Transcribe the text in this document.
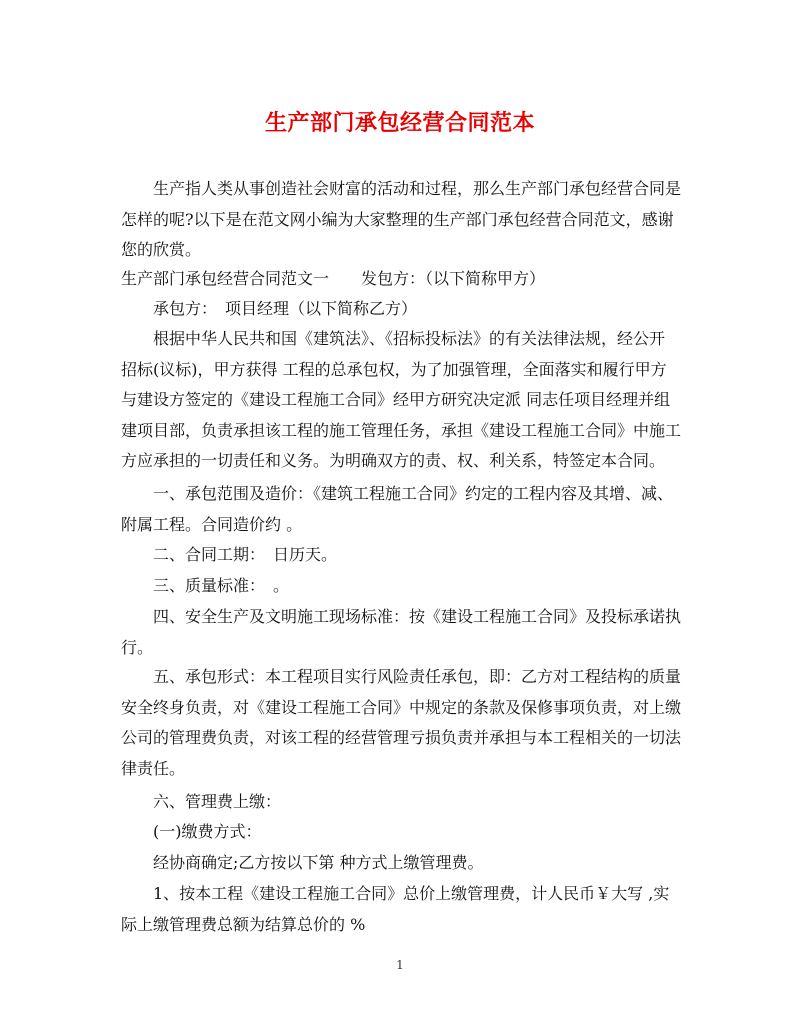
生产部门承包经营合同范本
生产指人类从事创造社会财富的活动和过程，那么生产部门承包经营合同是
怎样的呢?以下是在范文网小编为大家整理的生产部门承包经营合同范文，感谢
您的欣赏。
生产部门承包经营合同范文一　　发包方：（以下简称甲方）
承包方：　项目经理（以下简称乙方）
根据中华人民共和国《建筑法》、《招标投标法》的有关法律法规，经公开
招标(议标)，甲方获得 工程的总承包权，为了加强管理，全面落实和履行甲方
与建设方签定的《建设工程施工合同》经甲方研究决定派 同志任项目经理并组
建项目部，负责承担该工程的施工管理任务，承担《建设工程施工合同》中施工
方应承担的一切责任和义务。为明确双方的责、权、利关系，特签定本合同。
一、承包范围及造价：《建筑工程施工合同》约定的工程内容及其增、减、
附属工程。合同造价约 。
二、合同工期：　日历天。
三、质量标准：　。
四、安全生产及文明施工现场标准：按《建设工程施工合同》及投标承诺执
行。
五、承包形式：本工程项目实行风险责任承包，即：乙方对工程结构的质量
安全终身负责，对《建设工程施工合同》中规定的条款及保修事项负责，对上缴
公司的管理费负责，对该工程的经营管理亏损负责并承担与本工程相关的一切法
律责任。
六、管理费上缴：
(一)缴费方式：
经协商确定;乙方按以下第 种方式上缴管理费。
1、按本工程《建设工程施工合同》总价上缴管理费，计人民币￥大写 ,实
际上缴管理费总额为结算总价的 %
1
